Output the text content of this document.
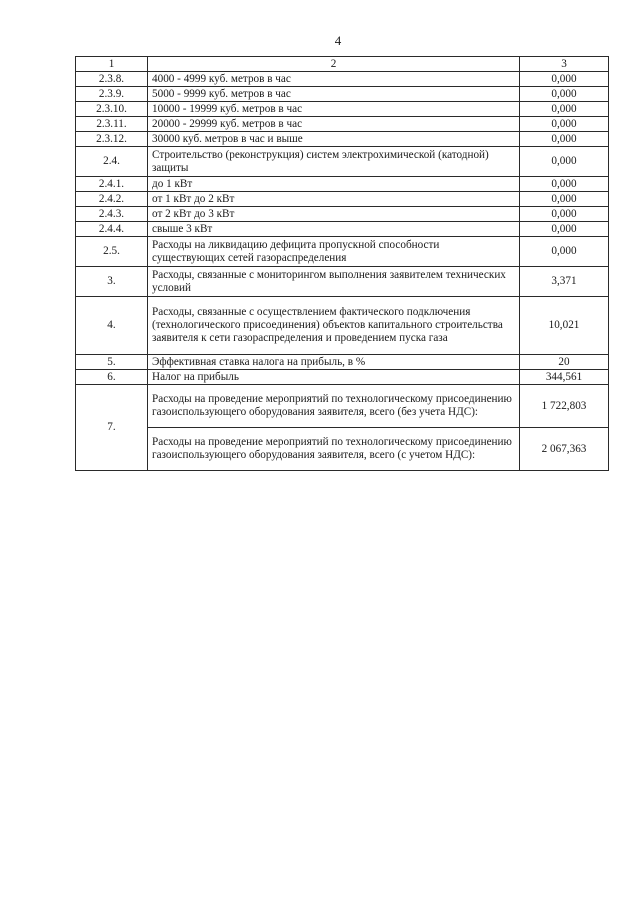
4
1	2	3
2.3.8.	4000 - 4999 куб. метров в час	0,000
2.3.9.	5000 - 9999 куб. метров в час	0,000
2.3.10.	10000 - 19999 куб. метров в час	0,000
2.3.11.	20000 - 29999 куб. метров в час	0,000
2.3.12.	30000 куб. метров в час и выше	0,000
2.4.	Строительство (реконструкция) систем электрохимической (катодной) защиты	0,000
2.4.1.	до 1 кВт	0,000
2.4.2.	от 1 кВт до 2 кВт	0,000
2.4.3.	от 2 кВт до 3 кВт	0,000
2.4.4.	свыше 3 кВт	0,000
2.5.	Расходы на ликвидацию дефицита пропускной способности существующих сетей газораспределения	0,000
3.	Расходы, связанные с мониторингом выполнения заявителем технических условий	3,371
4.	Расходы, связанные с осуществлением фактического подключения (технологического присоединения) объектов капитального строительства заявителя к сети газораспределения и проведением пуска газа	10,021
5.	Эффективная ставка налога на прибыль, в %	20
6.	Налог на прибыль	344,561
7.	Расходы на проведение мероприятий по технологическому присоединению газоиспользующего оборудования заявителя, всего (без учета НДС):	1 722,803
	Расходы на проведение мероприятий по технологическому присоединению газоиспользующего оборудования заявителя, всего (с учетом НДС):	2 067,363
